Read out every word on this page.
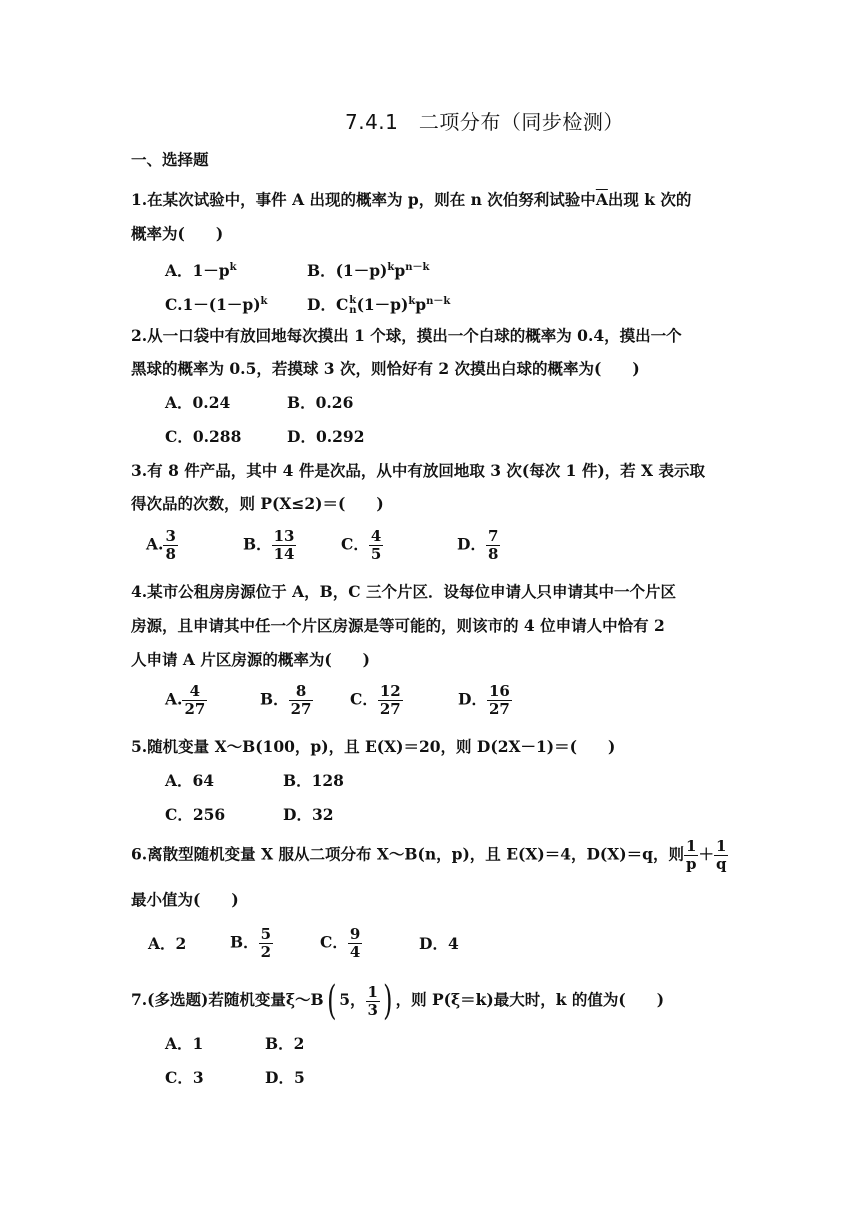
7.4.1　二项分布（同步检测）
一、选择题
1.在某次试验中，事件 A 出现的概率为 p，则在 n 次伯努利试验中$\overline{A}$出现 k 次的
概率为(　　)
A．$1-p^k$	B．$(1-p)^kp^{n-k}$
$C.1-(1-p)^k$	D．C k
n $(1-p)^kp^{n-k}$
2.从一口袋中有放回地每次摸出 1 个球，摸出一个白球的概率为 0.4，摸出一个
黑球的概率为 0.5，若摸球 3 次，则恰好有 2 次摸出白球的概率为(　　)
A．0.24	B．0.26
C．0.288	D．0.292
3.有 8 件产品，其中 4 件是次品，从中有放回地取 3 次(每次 1 件)，若 X 表示取
得次品的次数，则 P(X≤2)＝(　　)
A. $\frac{3}{8}$	B． $\frac{13}{14}$	C． $\frac{4}{5}$	D． $\frac{7}{8}$
4.某市公租房房源位于 A，B，C 三个片区．设每位申请人只申请其中一个片区
房源，且申请其中任一个片区房源是等可能的，则该市的 4 位申请人中恰有 2
人申请 A 片区房源的概率为(　　)
A. $\frac{4}{27}$	B． $\frac{8}{27}$ C． $\frac{12}{27}$	D． $\frac{16}{27}$
5.随机变量 X～B(100，p)，且 E(X)＝20，则 D(2X－1)＝(　　)
A．64	B．128
C．256	D．32
6.离散型随机变量 X 服从二项分布 X～B(n，p)，且 E(X)＝4，D(X)＝q，则 $\frac{1}{p} + \frac{1}{q}$
最小值为(　　)
A．2	B． $\frac{5}{2}$	C． $\frac{9}{4}$	D．4
7.(多选题)若随机变量ξ～B( 5， $\frac{1}{3}$ ) ，则 P(ξ＝k)最大时，k 的值为(　　)
A．1	B．2
C．3	D．5
